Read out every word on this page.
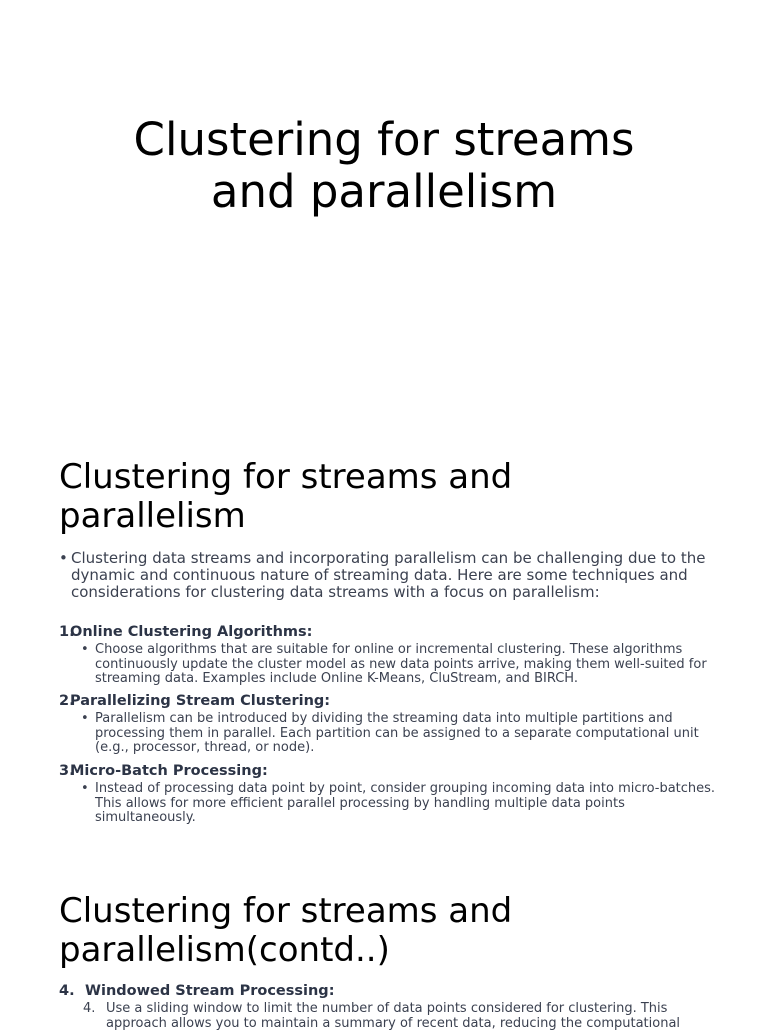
Clustering for streams
and parallelism
Clustering for streams and
parallelism
• Clustering data streams and incorporating parallelism can be challenging due to the dynamic and continuous nature of streaming data. Here are some techniques and considerations for clustering data streams with a focus on parallelism:
1.
Online Clustering Algorithms:
• Choose algorithms that are suitable for online or incremental clustering. These algorithms continuously update the cluster model as new data points arrive, making them well-suited for streaming data. Examples include Online K-Means, CluStream, and BIRCH.
2.
Parallelizing Stream Clustering:
• Parallelism can be introduced by dividing the streaming data into multiple partitions and processing them in parallel. Each partition can be assigned to a separate computational unit (e.g., processor, thread, or node).
3.
Micro-Batch Processing:
• Instead of processing data point by point, consider grouping incoming data into micro-batches. This allows for more efficient parallel processing by handling multiple data points simultaneously.
Clustering for streams and
parallelism(contd..)
4. Windowed Stream Processing:
4. Use a sliding window to limit the number of data points considered for clustering. This approach allows you to maintain a summary of recent data, reducing the computational
